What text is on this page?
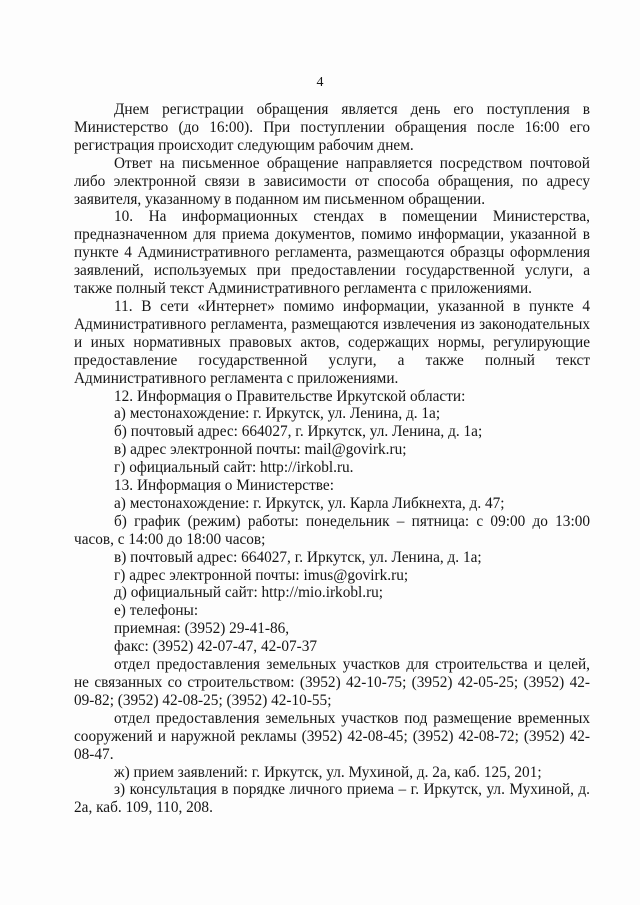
4

Днем регистрации обращения является день его поступления в Министерство (до 16:00). При поступлении обращения после 16:00 его регистрация происходит следующим рабочим днем.

Ответ на письменное обращение направляется посредством почтовой либо электронной связи в зависимости от способа обращения, по адресу заявителя, указанному в поданном им письменном обращении.

10. На информационных стендах в помещении Министерства, предназначенном для приема документов, помимо информации, указанной в пункте 4 Административного регламента, размещаются образцы оформления заявлений, используемых при предоставлении государственной услуги, а также полный текст Административного регламента с приложениями.

11. В сети «Интернет» помимо информации, указанной в пункте 4 Административного регламента, размещаются извлечения из законодательных и иных нормативных правовых актов, содержащих нормы, регулирующие предоставление государственной услуги, а также полный текст Административного регламента с приложениями.

12. Информация о Правительстве Иркутской области:

а) местонахождение: г. Иркутск, ул. Ленина, д. 1а;

б) почтовый адрес: 664027, г. Иркутск, ул. Ленина, д. 1а;

в) адрес электронной почты: mail@govirk.ru;

г) официальный сайт: http://irkobl.ru.

13. Информация о Министерстве:

а) местонахождение: г. Иркутск, ул. Карла Либкнехта, д. 47;

б) график (режим) работы: понедельник – пятница: с 09:00 до 13:00 часов, с 14:00 до 18:00 часов;

в) почтовый адрес: 664027, г. Иркутск, ул. Ленина, д. 1а;

г) адрес электронной почты: imus@govirk.ru;

д) официальный сайт: http://mio.irkobl.ru;

е) телефоны:

приемная: (3952) 29-41-86,

факс: (3952) 42-07-47, 42-07-37

отдел предоставления земельных участков для строительства и целей, не связанных со строительством: (3952) 42-10-75; (3952) 42-05-25; (3952) 42-09-82; (3952) 42-08-25; (3952) 42-10-55;

отдел предоставления земельных участков под размещение временных сооружений и наружной рекламы (3952) 42-08-45; (3952) 42-08-72; (3952) 42-08-47.

ж) прием заявлений: г. Иркутск, ул. Мухиной, д. 2а, каб. 125, 201;

з) консультация в порядке личного приема – г. Иркутск, ул. Мухиной, д. 2а, каб. 109, 110, 208.
